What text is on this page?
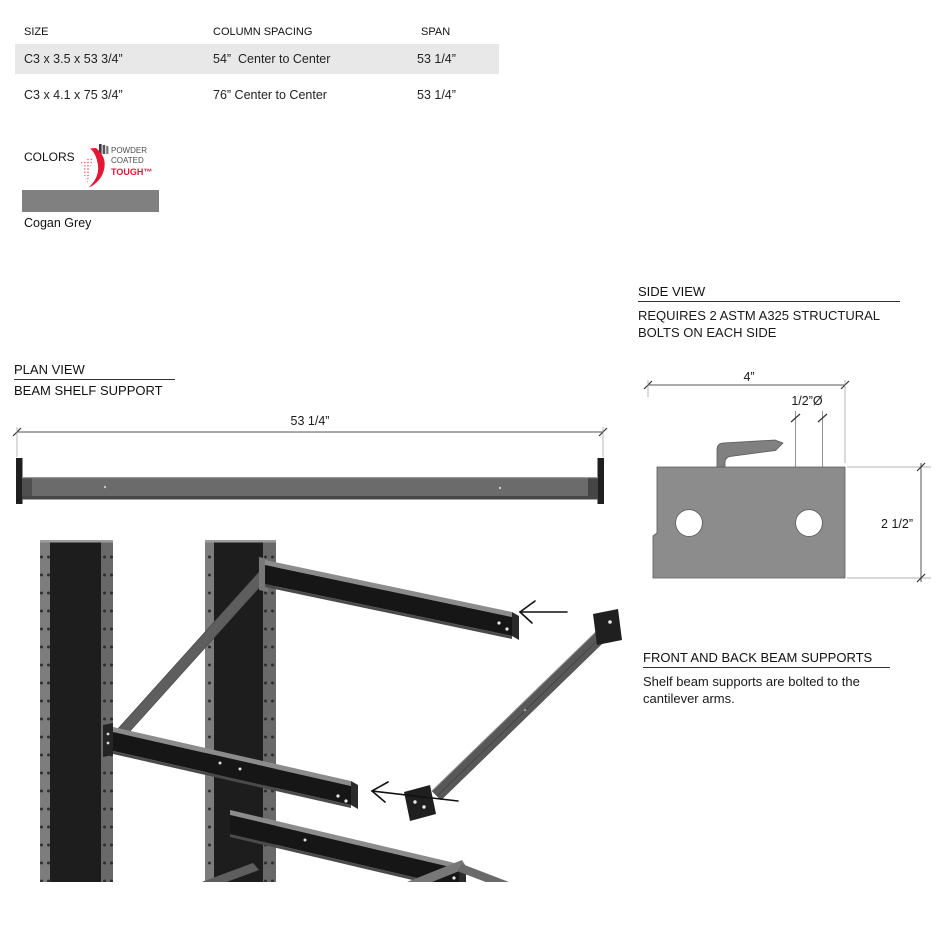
SIZE	COLUMN SPACING	SPAN
C3 x 3.5 x 53 3/4”	54”  Center to Center	53 1/4”
C3 x 4.1 x 75 3/4”	76” Center to Center	53 1/4”
COLORS	POWDER
COATED
TOUGH™
Cogan Grey
PLAN VIEW
BEAM SHELF SUPPORT
53 1/4”
SIDE VIEW
REQUIRES 2 ASTM A325 STRUCTURAL
BOLTS ON EACH SIDE
4”
1/2”Ø
2 1/2”
FRONT AND BACK BEAM SUPPORTS
Shelf beam supports are bolted to the
cantilever arms.
